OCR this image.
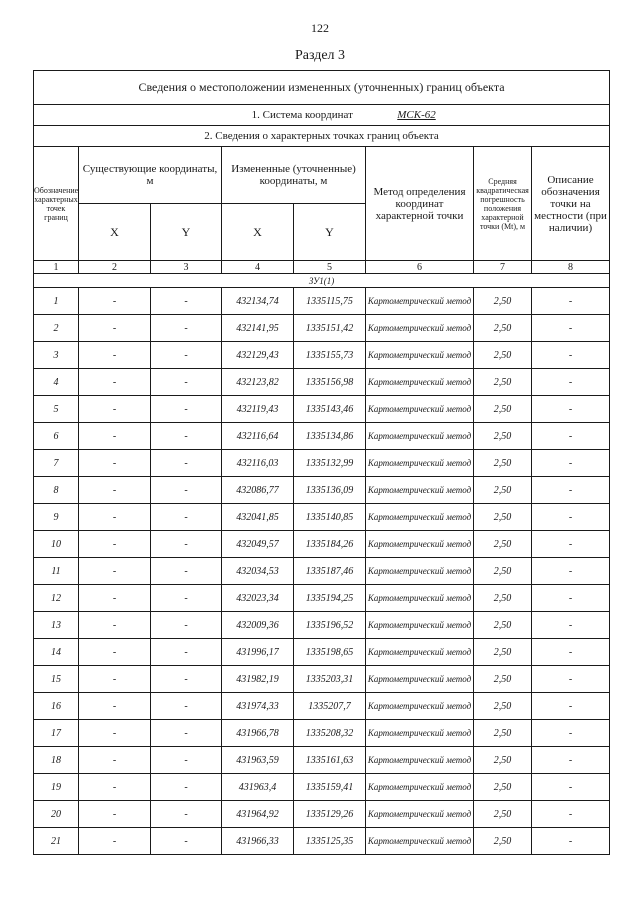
122
Раздел 3
Сведения о местоположении измененных (уточненных) границ объекта							
1. Система координат МСК-62							
2. Сведения о характерных точках границ объекта							
Обозначение характерных точек границ	Существующие координаты, м		Измененные (уточненные) координаты, м		Метод определения координат характерной точки	Средняя квадратическая погрешность положения характерной точки (Mt), м	Описание обозначения точки на местности (при наличии)
	X	Y	X	Y			
1	2	3	4	5	6	7	8
ЗУ1(1)							
1	-	-	432134,74	1335115,75	Картометрический метод	2,50	-
2	-	-	432141,95	1335151,42	Картометрический метод	2,50	-
3	-	-	432129,43	1335155,73	Картометрический метод	2,50	-
4	-	-	432123,82	1335156,98	Картометрический метод	2,50	-
5	-	-	432119,43	1335143,46	Картометрический метод	2,50	-
6	-	-	432116,64	1335134,86	Картометрический метод	2,50	-
7	-	-	432116,03	1335132,99	Картометрический метод	2,50	-
8	-	-	432086,77	1335136,09	Картометрический метод	2,50	-
9	-	-	432041,85	1335140,85	Картометрический метод	2,50	-
10	-	-	432049,57	1335184,26	Картометрический метод	2,50	-
11	-	-	432034,53	1335187,46	Картометрический метод	2,50	-
12	-	-	432023,34	1335194,25	Картометрический метод	2,50	-
13	-	-	432009,36	1335196,52	Картометрический метод	2,50	-
14	-	-	431996,17	1335198,65	Картометрический метод	2,50	-
15	-	-	431982,19	1335203,31	Картометрический метод	2,50	-
16	-	-	431974,33	1335207,7	Картометрический метод	2,50	-
17	-	-	431966,78	1335208,32	Картометрический метод	2,50	-
18	-	-	431963,59	1335161,63	Картометрический метод	2,50	-
19	-	-	431963,4	1335159,41	Картометрический метод	2,50	-
20	-	-	431964,92	1335129,26	Картометрический метод	2,50	-
21	-	-	431966,33	1335125,35	Картометрический метод	2,50	-
